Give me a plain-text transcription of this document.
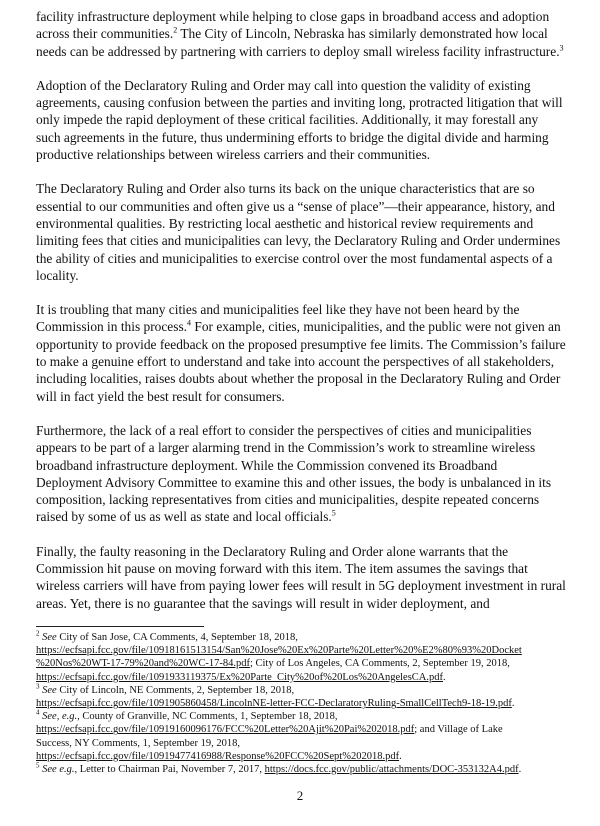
facility infrastructure deployment while helping to close gaps in broadband access and adoption across their communities.$^2$ The City of Lincoln, Nebraska has similarly demonstrated how local needs can be addressed by partnering with carriers to deploy small wireless facility infrastructure.$^3$

Adoption of the Declaratory Ruling and Order may call into question the validity of existing agreements, causing confusion between the parties and inviting long, protracted litigation that will only impede the rapid deployment of these critical facilities. Additionally, it may forestall any such agreements in the future, thus undermining efforts to bridge the digital divide and harming productive relationships between wireless carriers and their communities.

The Declaratory Ruling and Order also turns its back on the unique characteristics that are so essential to our communities and often give us a “sense of place”—their appearance, history, and environmental qualities. By restricting local aesthetic and historical review requirements and limiting fees that cities and municipalities can levy, the Declaratory Ruling and Order undermines the ability of cities and municipalities to exercise control over the most fundamental aspects of a locality.

It is troubling that many cities and municipalities feel like they have not been heard by the Commission in this process.$^4$ For example, cities, municipalities, and the public were not given an opportunity to provide feedback on the proposed presumptive fee limits. The Commission’s failure to make a genuine effort to understand and take into account the perspectives of all stakeholders, including localities, raises doubts about whether the proposal in the Declaratory Ruling and Order will in fact yield the best result for consumers.

Furthermore, the lack of a real effort to consider the perspectives of cities and municipalities appears to be part of a larger alarming trend in the Commission’s work to streamline wireless broadband infrastructure deployment. While the Commission convened its Broadband Deployment Advisory Committee to examine this and other issues, the body is unbalanced in its composition, lacking representatives from cities and municipalities, despite repeated concerns raised by some of us as well as state and local officials.$^5$

Finally, the faulty reasoning in the Declaratory Ruling and Order alone warrants that the Commission hit pause on moving forward with this item. The item assumes the savings that wireless carriers will have from paying lower fees will result in 5G deployment investment in rural areas. Yet, there is no guarantee that the savings will result in wider deployment, and

$^2$ See City of San Jose, CA Comments, 4, September 18, 2018,
https://ecfsapi.fcc.gov/file/10918161513154/San%20Jose%20Ex%20Parte%20Letter%20%E2%80%93%20Docket
%20Nos%20WT-17-79%20and%20WC-17-84.pdf; City of Los Angeles, CA Comments, 2, September 19, 2018,
https://ecfsapi.fcc.gov/file/1091933119375/Ex%20Parte_City%20of%20Los%20AngelesCA.pdf.
$^3$ See City of Lincoln, NE Comments, 2, September 18, 2018,
https://ecfsapi.fcc.gov/file/1091905860458/LincolnNE-letter-FCC-DeclaratoryRuling-SmallCellTech9-18-19.pdf.
$^4$ See, e.g., County of Granville, NC Comments, 1, September 18, 2018,
https://ecfsapi.fcc.gov/file/10919160096176/FCC%20Letter%20Ajit%20Pai%202018.pdf; and Village of Lake
Success, NY Comments, 1, September 19, 2018,
https://ecfsapi.fcc.gov/file/10919477416988/Response%20FCC%20Sept%202018.pdf.
$^5$ See e.g., Letter to Chairman Pai, November 7, 2017, https://docs.fcc.gov/public/attachments/DOC-353132A4.pdf.
2
